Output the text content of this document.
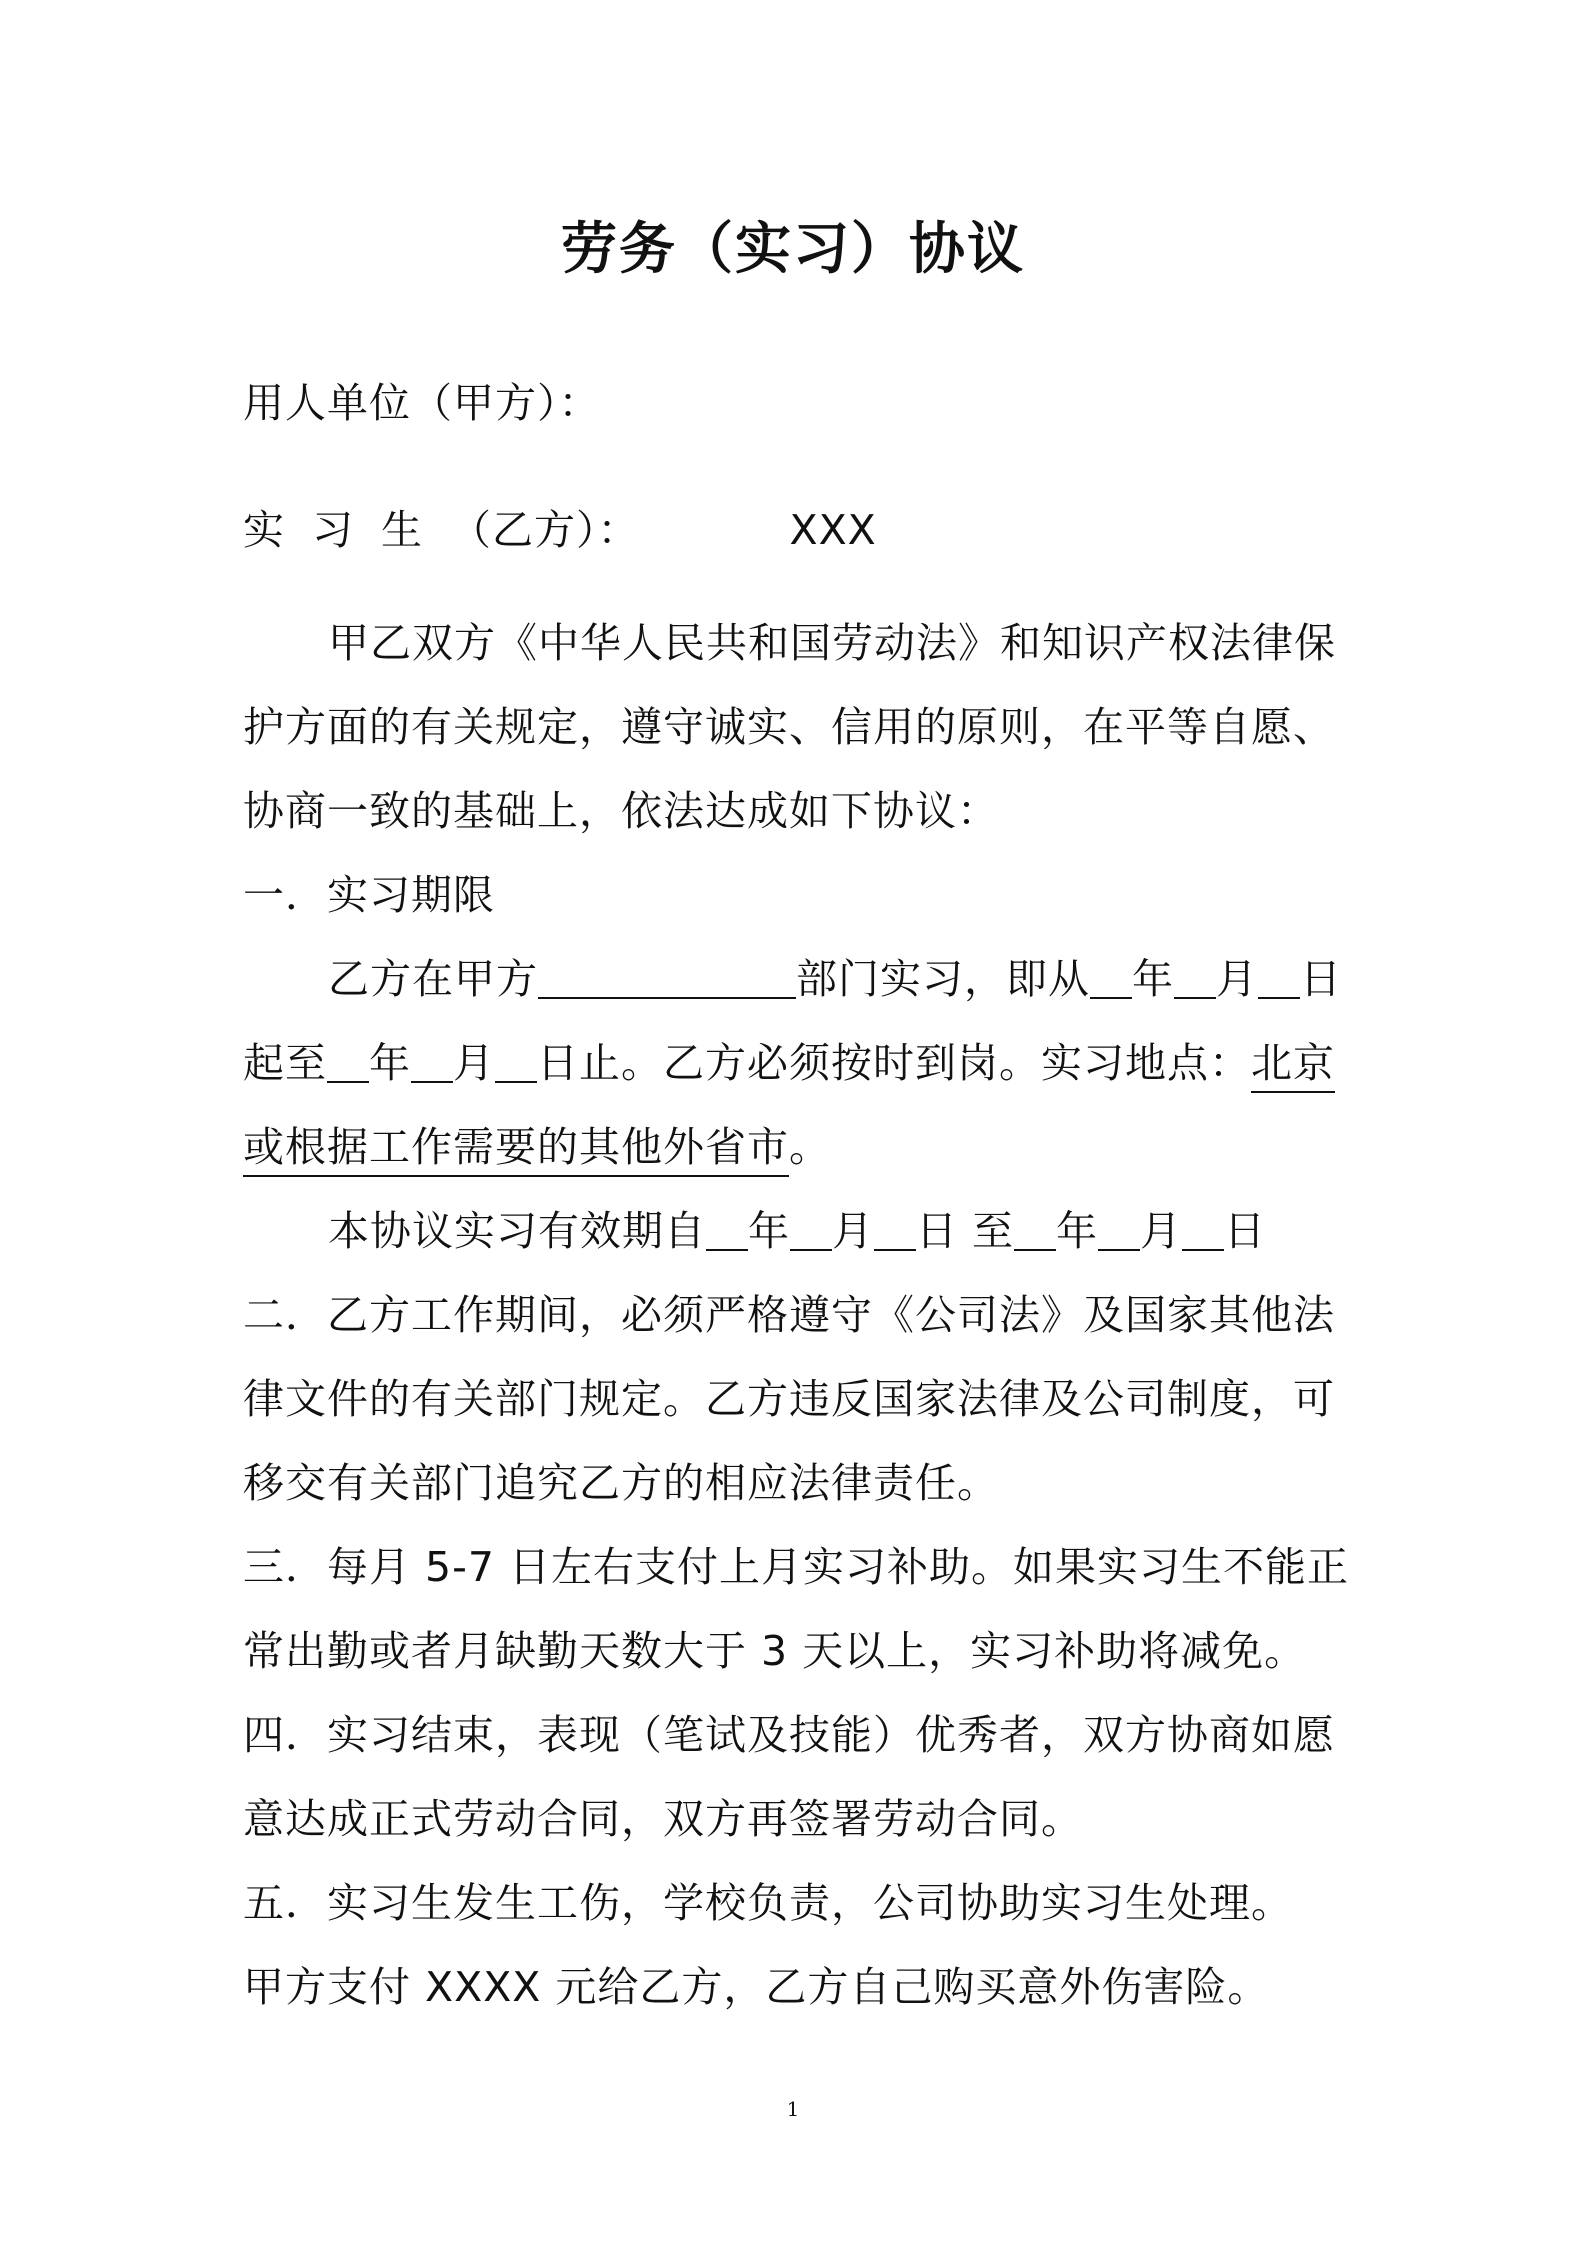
劳务（实习）协议
用人单位（甲方）：
实习生（乙方）：	XXX
甲乙双方《中华人民共和国劳动法》和知识产权法律保
护方面的有关规定，遵守诚实、信用的原则，在平等自愿、
协商一致的基础上，依法达成如下协议：
一．实习期限
乙方在甲方	部门实习，即从 年 月 日
起至 年 月 日止。乙方必须按时到岗。实习地点：北京
或根据工作需要的其他外省市。
本协议实习有效期自 年 月 日 至 年 月 日
二．乙方工作期间，必须严格遵守《公司法》及国家其他法
律文件的有关部门规定。乙方违反国家法律及公司制度，可
移交有关部门追究乙方的相应法律责任。
三．每月 5-7 日左右支付上月实习补助。如果实习生不能正
常出勤或者月缺勤天数大于 3 天以上，实习补助将减免。
四．实习结束，表现（笔试及技能）优秀者，双方协商如愿
意达成正式劳动合同，双方再签署劳动合同。
五．实习生发生工伤，学校负责，公司协助实习生处理。
甲方支付 XXXX 元给乙方，乙方自己购买意外伤害险。
1
